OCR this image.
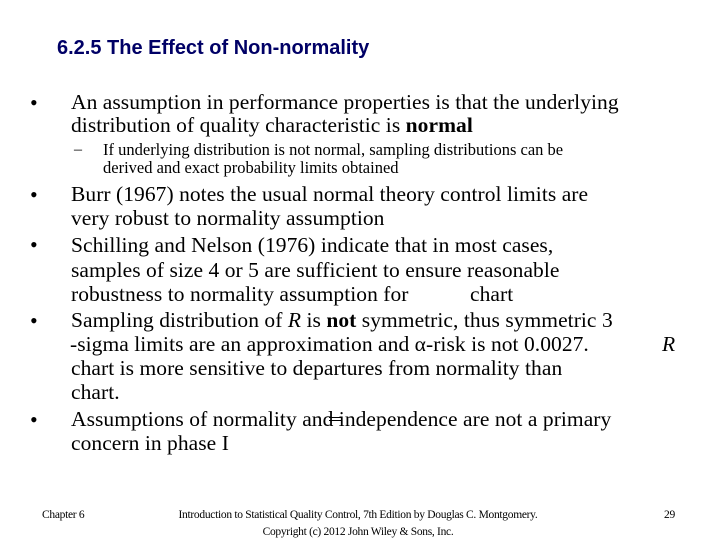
6.2.5 The Effect of Non-normality
• An assumption in performance properties is that the underlying
distribution of quality characteristic is normal
– If underlying distribution is not normal, sampling distributions can be
derived and exact probability limits obtained
• Burr (1967) notes the usual normal theory control limits are
very robust to normality assumption
• Schilling and Nelson (1976) indicate that in most cases,
samples of size 4 or 5 are sufficient to ensure reasonable
robustness to normality assumption for	chart
• Sampling distribution of R is not symmetric, thus symmetric 3
-sigma limits are an approximation and α-risk is not 0.0027.	R
chart is more sensitive to departures from normality than
chart.
• Assumptions of normality and independence are not a primary
concern in phase I
Chapter 6	Introduction to Statistical Quality Control, 7th Edition by Douglas C. Montgomery.
Copyright (c) 2012 John Wiley & Sons, Inc.
29
